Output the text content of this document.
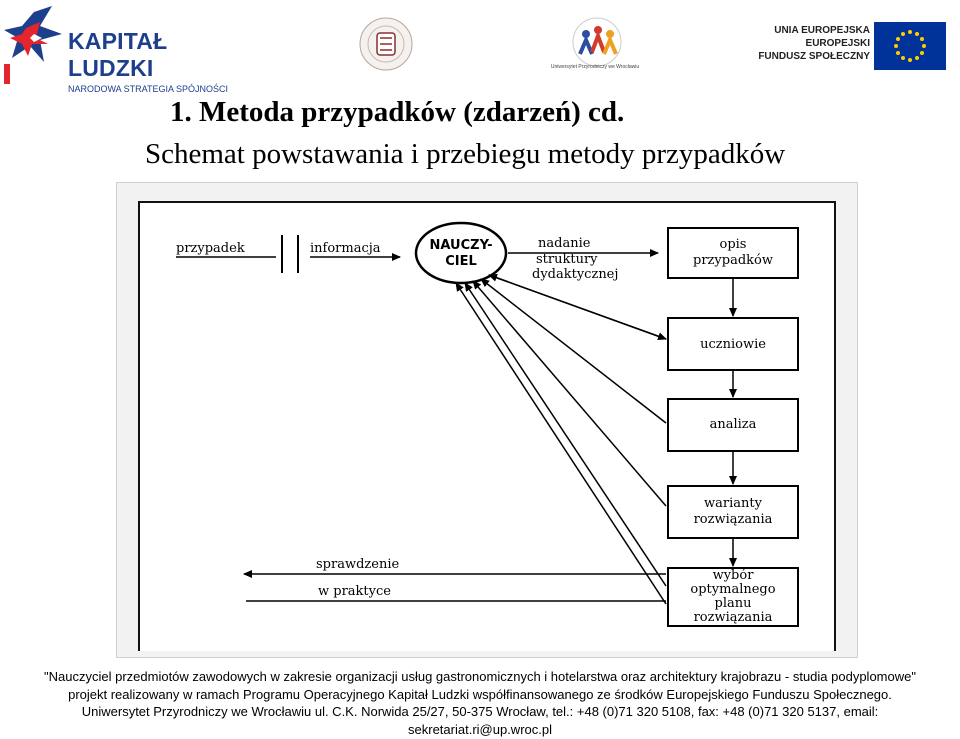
KAPITAŁ LUDZKI
NARODOWA STRATEGIA SPÓJNOŚCI
Uniwersytet Przyrodniczy we Wrocławiu
UNIA EUROPEJSKA
EUROPEJSKI
FUNDUSZ SPOŁECZNY
1. Metoda przypadków (zdarzeń) cd.
Schemat powstawania i przebiegu metody przypadków
przypadek	informacja	NAUCZY-
CIEL
nadanie
struktury
dydaktycznej
opis
przypadków
uczniowie
analiza
warianty
rozwiązania
wybór
optymalnego
planu
rozwiązania
sprawdzenie
w praktyce
"Nauczyciel przedmiotów zawodowych w zakresie organizacji usług gastronomicznych i hotelarstwa oraz architektury krajobrazu - studia podyplomowe"
projekt realizowany w ramach Programu Operacyjnego Kapitał Ludzki współfinansowanego ze środków Europejskiego Funduszu Społecznego.
Uniwersytet Przyrodniczy we Wrocławiu ul. C.K. Norwida 25/27, 50-375 Wrocław, tel.: +48 (0)71 320 5108, fax: +48 (0)71 320 5137, email:
sekretariat.ri@up.wroc.pl
